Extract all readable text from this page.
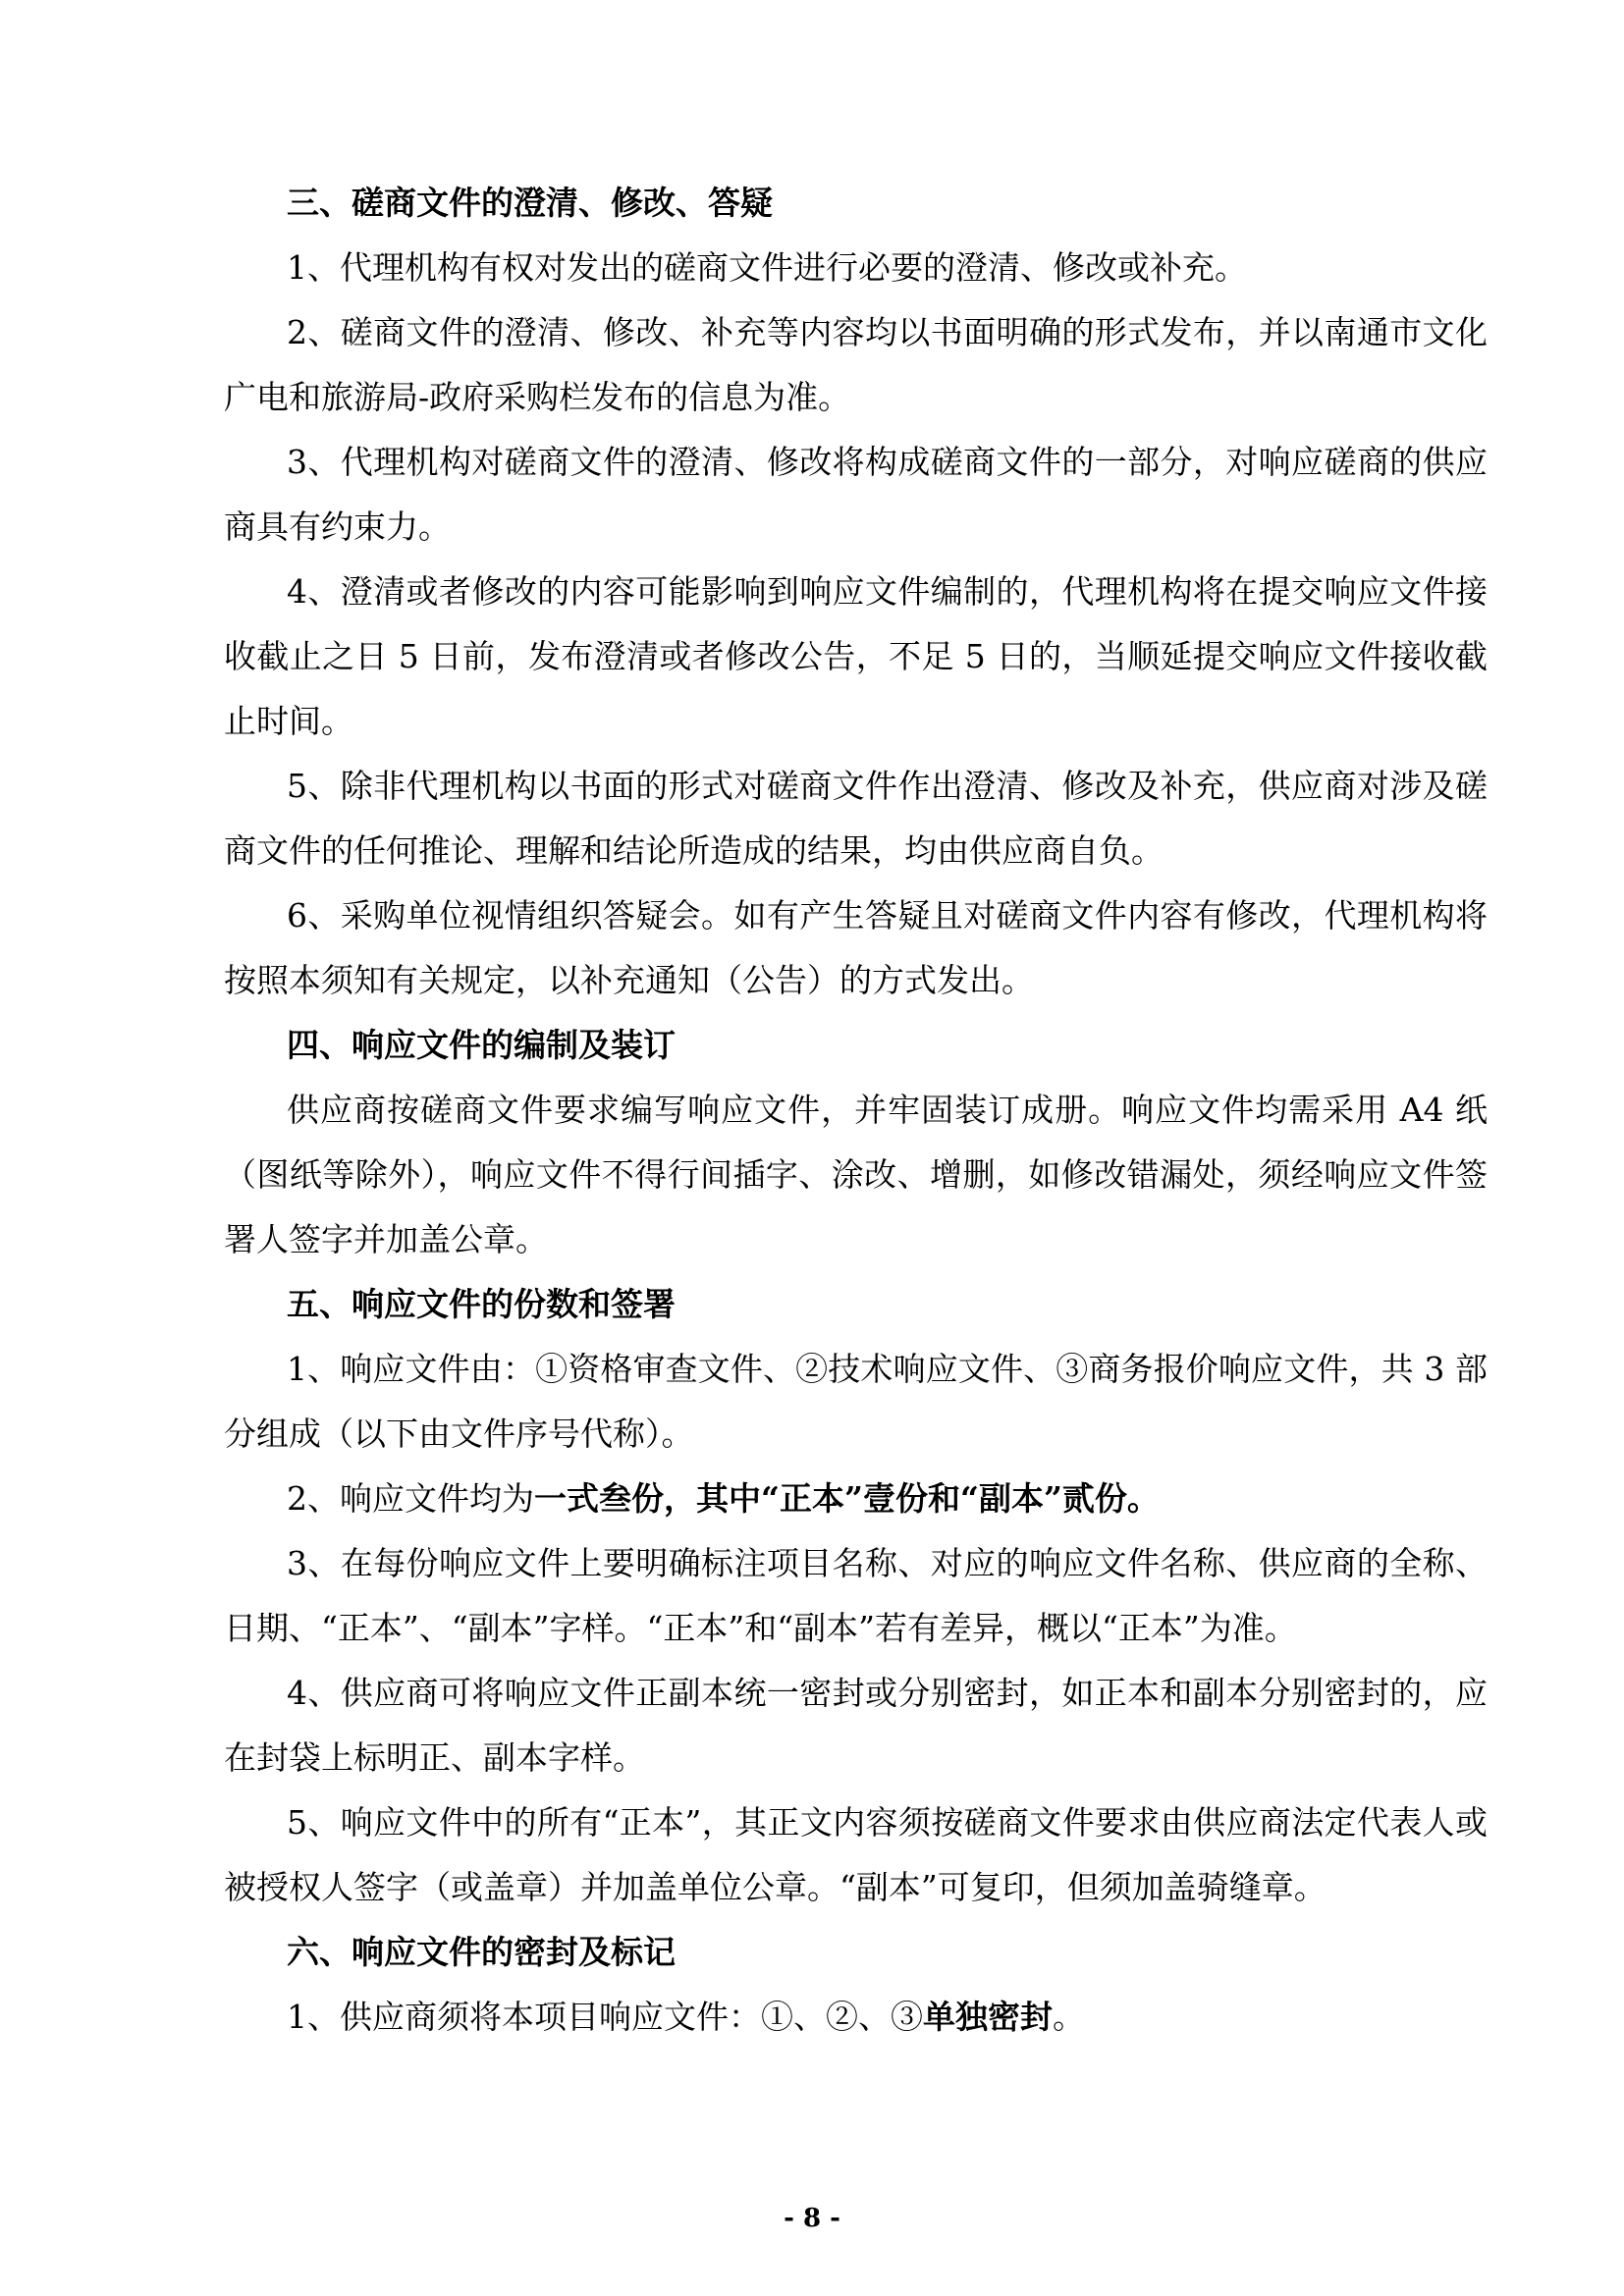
三、磋商文件的澄清、修改、答疑

1、代理机构有权对发出的磋商文件进行必要的澄清、修改或补充。

2、磋商文件的澄清、修改、补充等内容均以书面明确的形式发布，并以南通市文化广电和旅游局-政府采购栏发布的信息为准。

3、代理机构对磋商文件的澄清、修改将构成磋商文件的一部分，对响应磋商的供应商具有约束力。

4、澄清或者修改的内容可能影响到响应文件编制的，代理机构将在提交响应文件接收截止之日 5 日前，发布澄清或者修改公告，不足 5 日的，当顺延提交响应文件接收截止时间。

5、除非代理机构以书面的形式对磋商文件作出澄清、修改及补充，供应商对涉及磋商文件的任何推论、理解和结论所造成的结果，均由供应商自负。

6、采购单位视情组织答疑会。如有产生答疑且对磋商文件内容有修改，代理机构将按照本须知有关规定，以补充通知（公告）的方式发出。

四、响应文件的编制及装订

供应商按磋商文件要求编写响应文件，并牢固装订成册。响应文件均需采用 A4 纸（图纸等除外），响应文件不得行间插字、涂改、增删，如修改错漏处，须经响应文件签署人签字并加盖公章。

五、响应文件的份数和签署

1、响应文件由：①资格审查文件、②技术响应文件、③商务报价响应文件，共 3 部分组成（以下由文件序号代称）。

2、响应文件均为一式叁份，其中“正本”壹份和“副本”贰份。

3、在每份响应文件上要明确标注项目名称、对应的响应文件名称、供应商的全称、日期、“正本”、“副本”字样。“正本”和“副本”若有差异，概以“正本”为准。

4、供应商可将响应文件正副本统一密封或分别密封，如正本和副本分别密封的，应在封袋上标明正、副本字样。

5、响应文件中的所有“正本”，其正文内容须按磋商文件要求由供应商法定代表人或被授权人签字（或盖章）并加盖单位公章。“副本”可复印，但须加盖骑缝章。

六、响应文件的密封及标记

1、供应商须将本项目响应文件：①、②、③单独密封。

- 8 -
